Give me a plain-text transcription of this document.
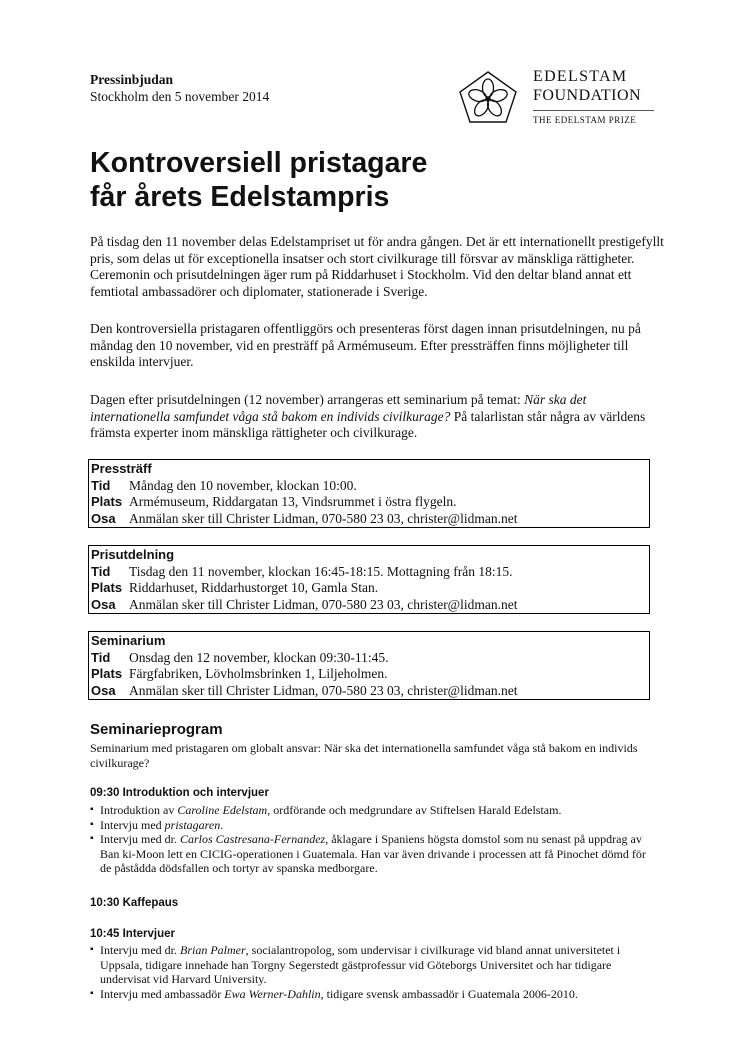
Pressinbjudan
Stockholm den 5 november 2014
EDELSTAM
FOUNDATION
THE EDELSTAM PRIZE
Kontroversiell pristagare
får årets Edelstampris
På tisdag den 11 november delas Edelstampriset ut för andra gången. Det är ett internationellt prestigefyllt pris, som delas ut för exceptionella insatser och stort civilkurage till försvar av mänskliga rättigheter. Ceremonin och prisutdelningen äger rum på Riddarhuset i Stockholm. Vid den deltar bland annat ett femtiotal ambassadörer och diplomater, stationerade i Sverige.
Den kontroversiella pristagaren offentliggörs och presenteras först dagen innan prisutdelningen, nu på måndag den 10 november, vid en presträff på Armémuseum. Efter pressträffen finns möjligheter till enskilda intervjuer.
Dagen efter prisutdelningen (12 november) arrangeras ett seminarium på temat: När ska det internationella samfundet våga stå bakom en individs civilkurage? På talarlistan står några av världens främsta experter inom mänskliga rättigheter och civilkurage.
Pressträff
Tid Måndag den 10 november, klockan 10:00.
Plats Armémuseum, Riddargatan 13, Vindsrummet i östra flygeln.
Osa Anmälan sker till Christer Lidman, 070-580 23 03, christer@lidman.net
Prisutdelning
Tid Tisdag den 11 november, klockan 16:45-18:15. Mottagning från 18:15.
Plats Riddarhuset, Riddarhustorget 10, Gamla Stan.
Osa Anmälan sker till Christer Lidman, 070-580 23 03, christer@lidman.net
Seminarium
Tid Onsdag den 12 november, klockan 09:30-11:45.
Plats Färgfabriken, Lövholmsbrinken 1, Liljeholmen.
Osa Anmälan sker till Christer Lidman, 070-580 23 03, christer@lidman.net
Seminarieprogram
Seminarium med pristagaren om globalt ansvar: När ska det internationella samfundet våga stå bakom en individs civilkurage?
09:30 Introduktion och intervjuer
▪ Introduktion av Caroline Edelstam, ordförande och medgrundare av Stiftelsen Harald Edelstam.
▪ Intervju med pristagaren.
▪ Intervju med dr. Carlos Castresana-Fernandez, åklagare i Spaniens högsta domstol som nu senast på uppdrag av Ban ki-Moon lett en CICIG-operationen i Guatemala. Han var även drivande i processen att få Pinochet dömd för de påstådda dödsfallen och tortyr av spanska medborgare.
10:30 Kaffepaus
10:45 Intervjuer
▪ Intervju med dr. Brian Palmer, socialantropolog, som undervisar i civilkurage vid bland annat universitetet i Uppsala, tidigare innehade han Torgny Segerstedt gästprofessur vid Göteborgs Universitet och har tidigare undervisat vid Harvard University.
▪ Intervju med ambassadör Ewa Werner-Dahlin, tidigare svensk ambassadör i Guatemala 2006-2010.
